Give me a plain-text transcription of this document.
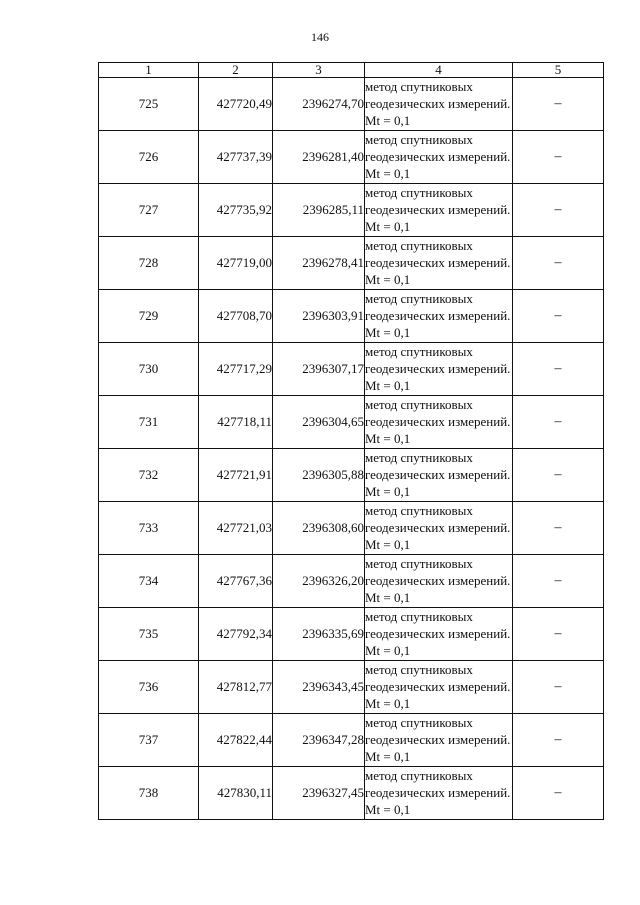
146
1	2	3	4	5
725	427720,49	2396274,70	метод спутниковых геодезических измерений. Mt = 0,1	–
726	427737,39	2396281,40	метод спутниковых геодезических измерений. Mt = 0,1	–
727	427735,92	2396285,11	метод спутниковых геодезических измерений. Mt = 0,1	–
728	427719,00	2396278,41	метод спутниковых геодезических измерений. Mt = 0,1	–
729	427708,70	2396303,91	метод спутниковых геодезических измерений. Mt = 0,1	–
730	427717,29	2396307,17	метод спутниковых геодезических измерений. Mt = 0,1	–
731	427718,11	2396304,65	метод спутниковых геодезических измерений. Mt = 0,1	–
732	427721,91	2396305,88	метод спутниковых геодезических измерений. Mt = 0,1	–
733	427721,03	2396308,60	метод спутниковых геодезических измерений. Mt = 0,1	–
734	427767,36	2396326,20	метод спутниковых геодезических измерений. Mt = 0,1	–
735	427792,34	2396335,69	метод спутниковых геодезических измерений. Mt = 0,1	–
736	427812,77	2396343,45	метод спутниковых геодезических измерений. Mt = 0,1	–
737	427822,44	2396347,28	метод спутниковых геодезических измерений. Mt = 0,1	–
738	427830,11	2396327,45	метод спутниковых геодезических измерений. Mt = 0,1	–
